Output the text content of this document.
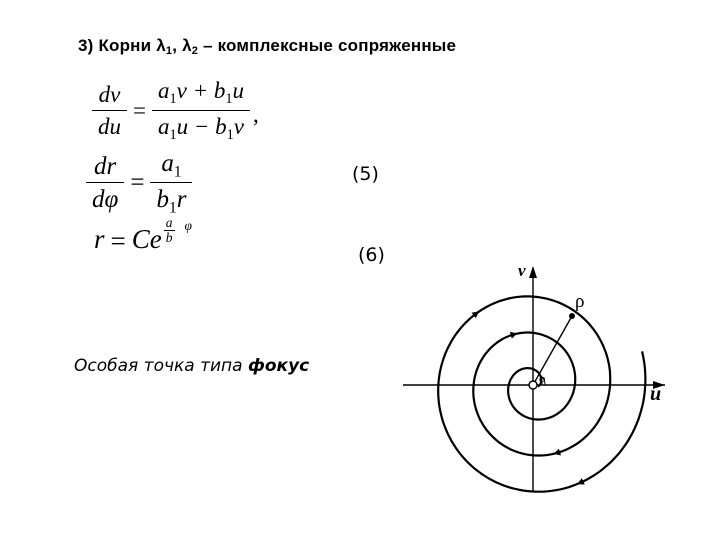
3) Корни $\lambda_1$, $\lambda_2$ – комплексные сопряженные
$\frac{dv}{du} = \frac{a_1v + b_1u}{a_1u - b_1v}$ ,
$\frac{dr}{d\varphi} = \frac{a_1}{b_1r}$	(5)
r = Ce $\frac{a}{b}$ φ
(6)
Особая точка типа фокус
v
u
ρ
φ
